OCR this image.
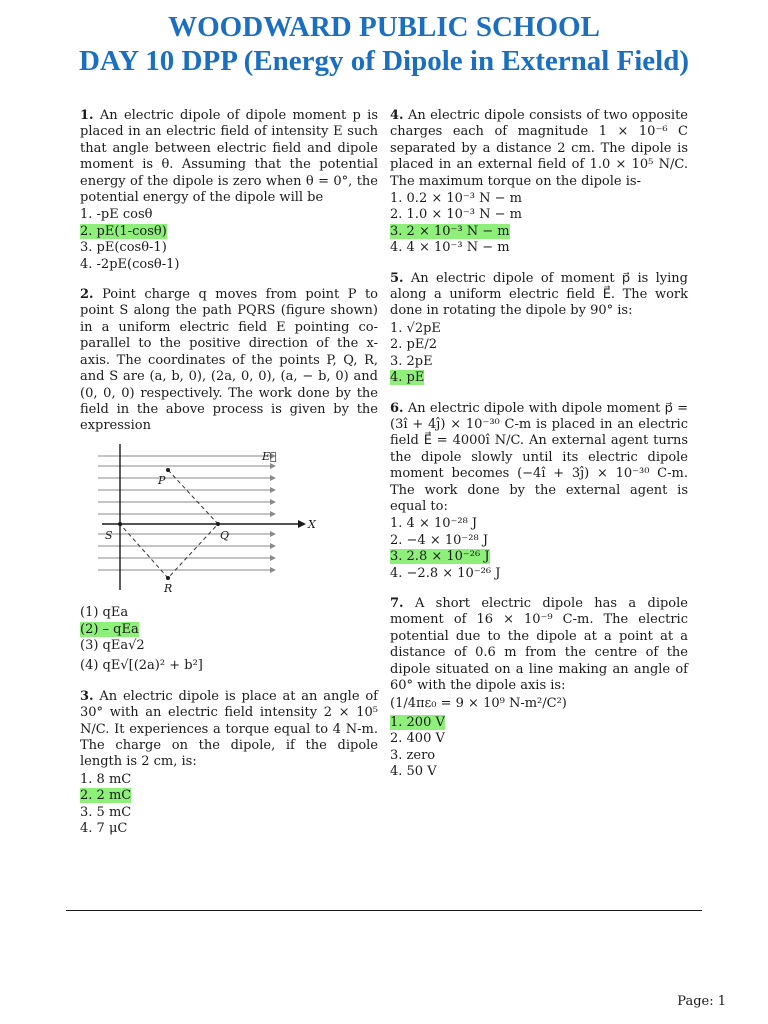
WOODWARD PUBLIC SCHOOL
DAY 10 DPP (Energy of Dipole in External Field)

1. An electric dipole of dipole moment p is placed in an electric field of intensity E such that angle between electric field and dipole moment is θ. Assuming that the potential energy of the dipole is zero when θ = 0°, the potential energy of the dipole will be

1. -pE cosθ

2. pE(1-cosθ)

3. pE(cosθ-1)

4. -2pE(cosθ-1)

2. Point charge q moves from point P to point S along the path PQRS (figure shown) in a uniform electric field E pointing co-parallel to the positive direction of the x-axis. The coordinates of the points P, Q, R, and S are (a, b, 0), (2a, 0, 0), (a, − b, 0) and (0, 0, 0) respectively. The work done by the field in the above process is given by the expression

E⃗
P
Q
R
S
X

(1) qEa

(2) – qEa

(3) qEa√2

(4) qE√[(2a)² + b²]

3. An electric dipole is place at an angle of 30° with an electric field intensity 2 × 10⁵ N/C. It experiences a torque equal to 4 N-m. The charge on the dipole, if the dipole length is 2 cm, is:

1. 8 mC

2. 2 mC

3. 5 mC

4. 7 μC

4. An electric dipole consists of two opposite charges each of magnitude 1 × 10⁻⁶ C separated by a distance 2 cm. The dipole is placed in an external field of 1.0 × 10⁵ N/C. The maximum torque on the dipole is-

1. 0.2 × 10⁻³ N − m

2. 1.0 × 10⁻³ N − m

3. 2 × 10⁻³ N − m

4. 4 × 10⁻³ N − m

5. An electric dipole of moment p⃗ is lying along a uniform electric field E⃗. The work done in rotating the dipole by 90° is:

1. √2pE

2. pE/2

3. 2pE

4. pE

6. An electric dipole with dipole moment p⃗ = (3î + 4ĵ) × 10⁻³⁰ C-m is placed in an electric field E⃗ = 4000î N/C. An external agent turns the dipole slowly until its electric dipole moment becomes (−4î + 3ĵ) × 10⁻³⁰ C-m. The work done by the external agent is equal to:

1. 4 × 10⁻²⁸ J

2. −4 × 10⁻²⁸ J

3. 2.8 × 10⁻²⁶ J

4. −2.8 × 10⁻²⁶ J

7. A short electric dipole has a dipole moment of 16 × 10⁻⁹ C-m. The electric potential due to the dipole at a point at a distance of 0.6 m from the centre of the dipole situated on a line making an angle of 60° with the dipole axis is:

(1/4πε₀ = 9 × 10⁹ N-m²/C²)

1. 200 V

2. 400 V

3. zero

4. 50 V

Page: 1
